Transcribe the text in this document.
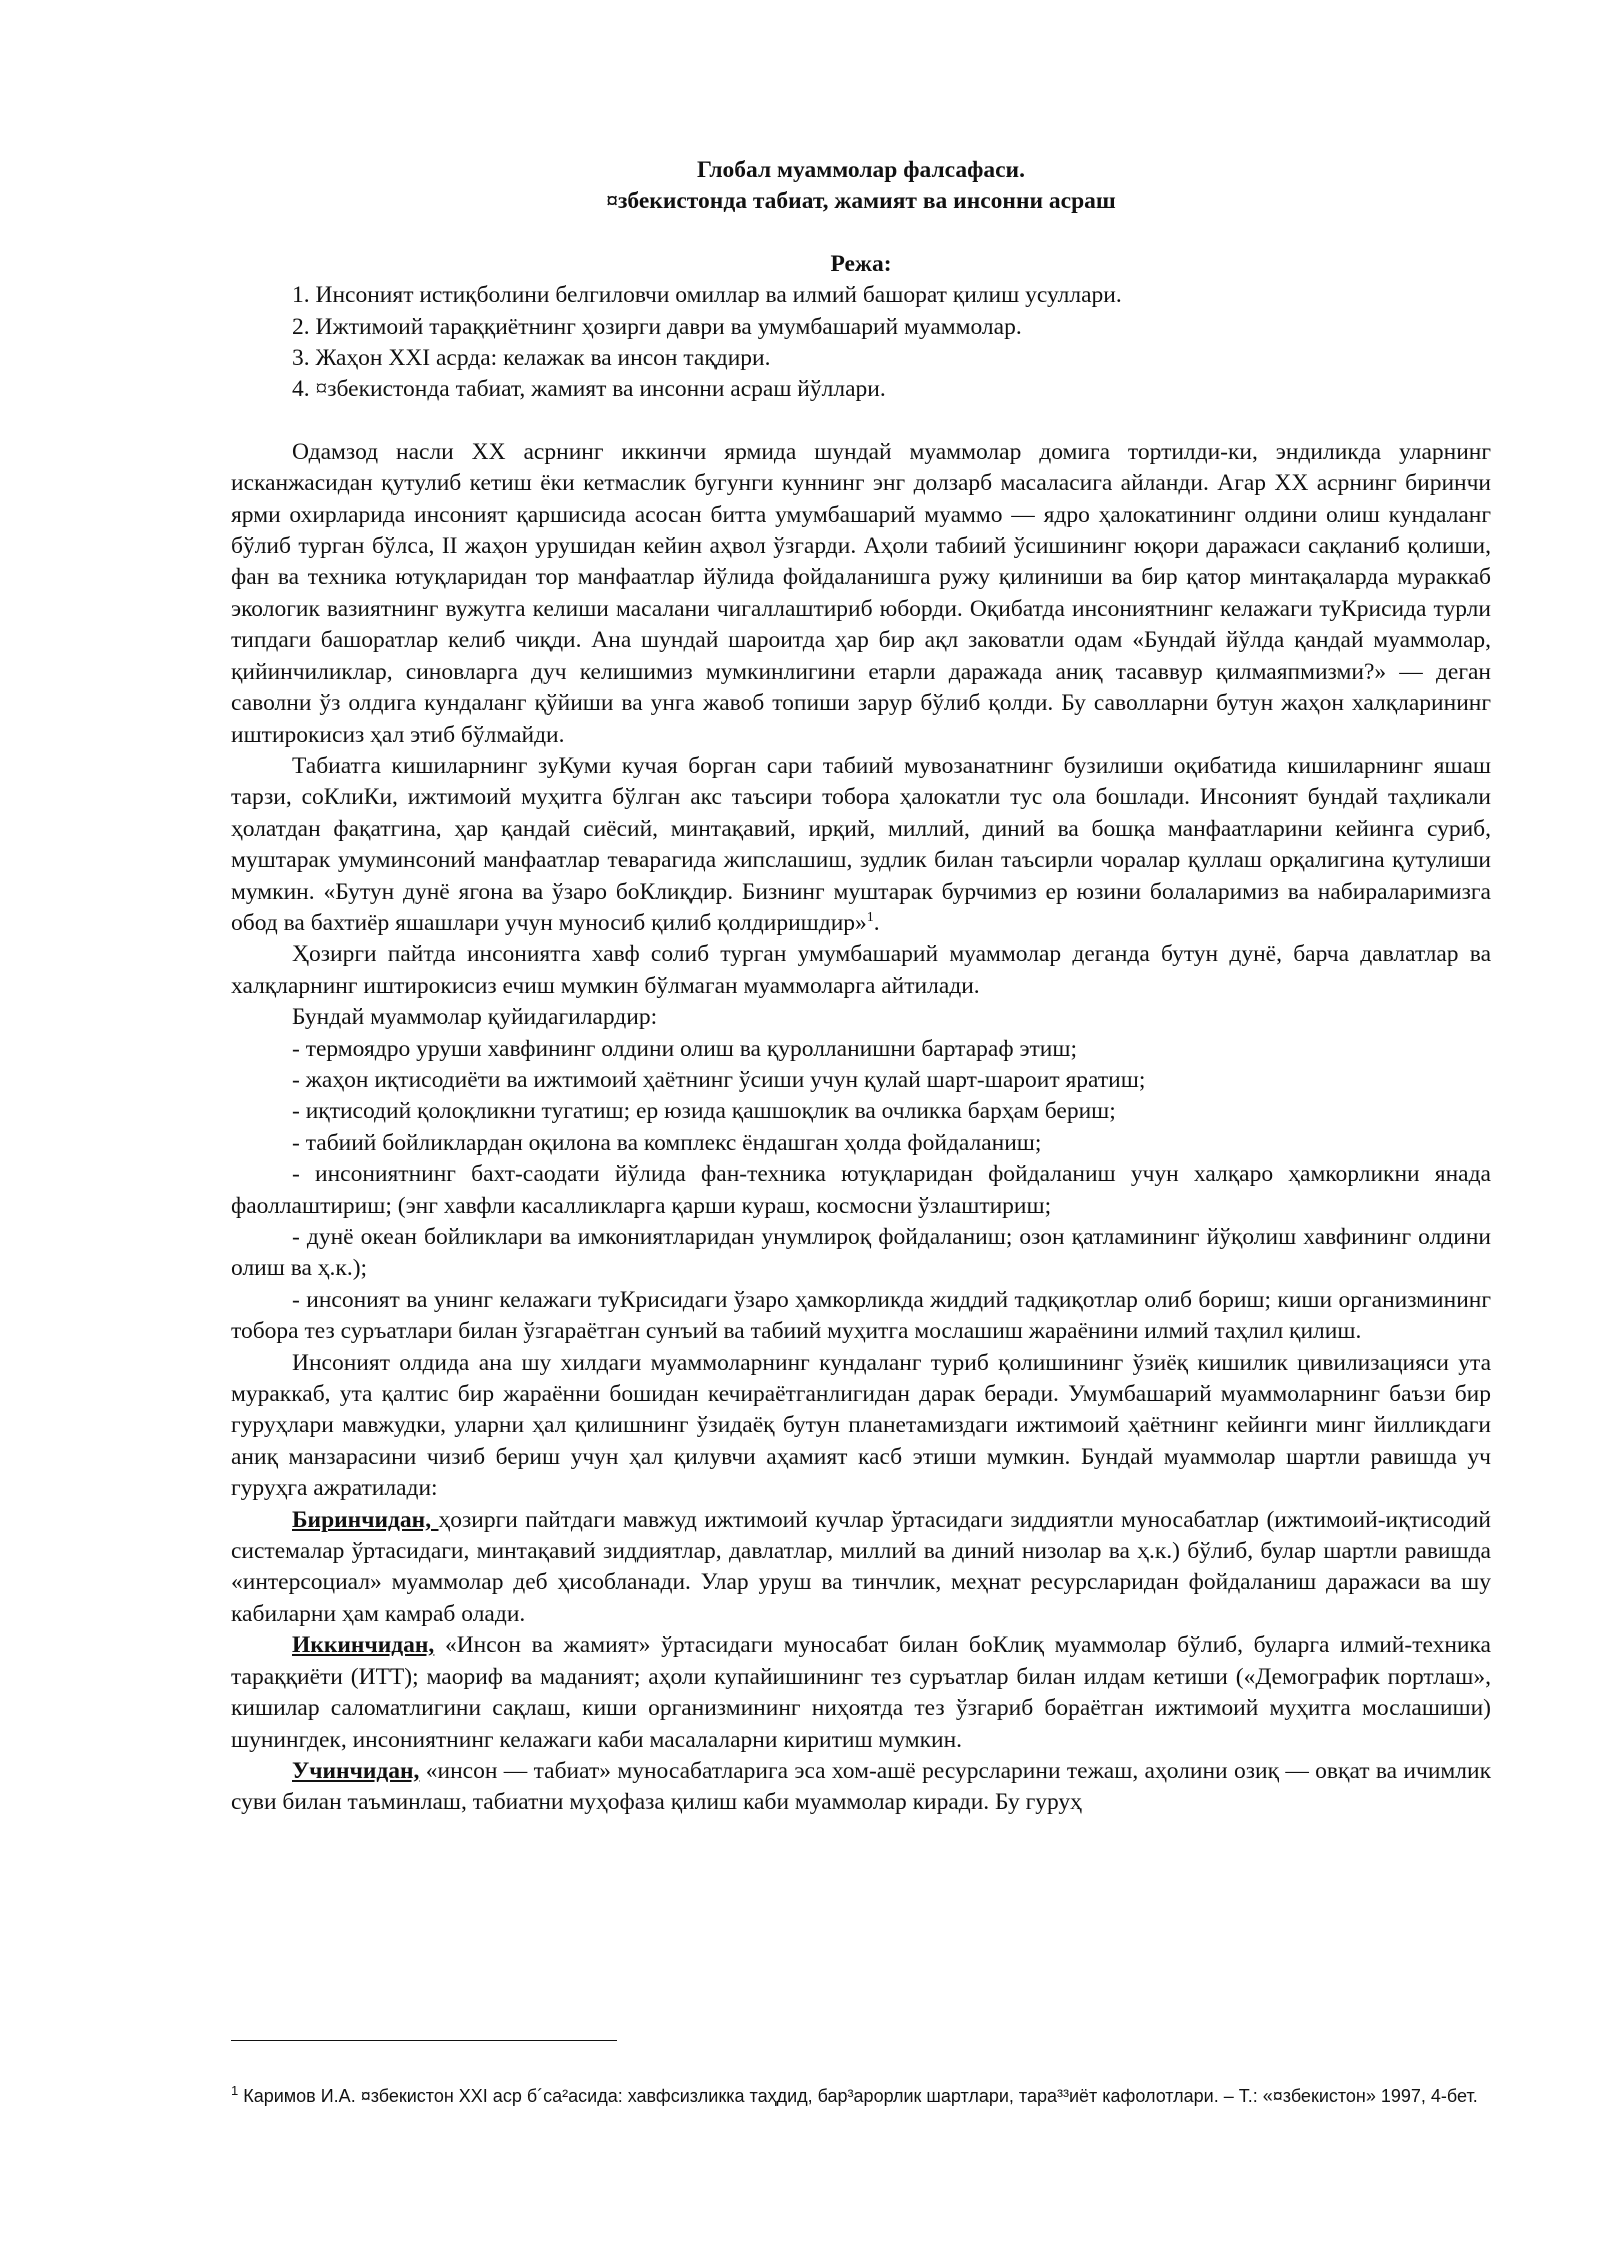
Глобал муаммолар фалсафаси.

¤збекистонда табиат, жамият ва инсонни асраш

Режа:

1. Инсоният истиқболини белгиловчи омиллар ва илмий башорат қилиш усуллари.
2. Ижтимоий тараққиётнинг ҳозирги даври ва умумбашарий муаммолар.
3. Жаҳон XXI асрда: келажак ва инсон тақдири.
4. ¤збекистонда табиат, жамият ва инсонни асраш йўллари.

Одамзод насли XX асрнинг иккинчи ярмида шундай муаммолар домига тортилди-ки, эндиликда уларнинг исканжасидан қутулиб кетиш ёки кетмаслик бугунги куннинг энг долзарб масаласига айланди. Агар XX асрнинг биринчи ярми охирларида инсоният қаршисида асосан битта умумбашарий муаммо — ядро ҳалокатининг олдини олиш кундаланг бўлиб турган бўлса, II жаҳон урушидан кейин аҳвол ўзгарди. Аҳоли табиий ўсишининг юқори даражаси сақланиб қолиши, фан ва техника ютуқларидан тор манфаатлар йўлида фойдаланишга ружу қилиниши ва бир қатор минтақаларда мураккаб экологик вазиятнинг вужутга келиши масалани чигаллаштириб юборди. Оқибатда инсониятнинг келажаги туКрисида турли типдаги башоратлар келиб чиқди. Ана шундай шароитда ҳар бир ақл заковатли одам «Бундай йўлда қандай муаммолар, қийинчиликлар, синовларга дуч келишимиз мумкинлигини етарли даражада аниқ тасаввур қилмаяпмизми?» — деган саволни ўз олдига кундаланг қўйиши ва унга жавоб топиши зарур бўлиб қолди. Бу саволларни бутун жаҳон халқларининг иштирокисиз ҳал этиб бўлмайди.

Табиатга кишиларнинг зуКуми кучая борган сари табиий мувозанатнинг бузилиши оқибатида кишиларнинг яшаш тарзи, соКлиКи, ижтимоий муҳитга бўлган акс таъсири тобора ҳалокатли тус ола бошлади. Инсоният бундай таҳликали ҳолатдан фақатгина, ҳар қандай сиёсий, минтақавий, ирқий, миллий, диний ва бошқа манфаатларини кейинга суриб, муштарак умуминсоний манфаатлар теварагида жипслашиш, зудлик билан таъсирли чоралар қуллаш орқалигина қутулиши мумкин. «Бутун дунё ягона ва ўзаро боКлиқдир. Бизнинг муштарак бурчимиз ер юзини болаларимиз ва набираларимизга обод ва бахтиёр яшашлари учун муносиб қилиб қолдиришдир»$^1$.

Ҳозирги пайтда инсониятга хавф солиб турган умумбашарий муаммолар деганда бутун дунё, барча давлатлар ва халқларнинг иштирокисиз ечиш мумкин бўлмаган муаммоларга айтилади.

Бундай муаммолар қуйидагилардир:

- термоядро уруши хавфининг олдини олиш ва қуролланишни бартараф этиш;

- жаҳон иқтисодиёти ва ижтимоий ҳаётнинг ўсиши учун қулай шарт-шароит яратиш;

- иқтисодий қолоқликни тугатиш; ер юзида қашшоқлик ва очликка барҳам бериш;

- табиий бойликлардан оқилона ва комплекс ёндашган ҳолда фойдаланиш;

- инсониятнинг бахт-саодати йўлида фан-техника ютуқларидан фойдаланиш учун халқаро ҳамкорликни янада фаоллаштириш; (энг хавфли касалликларга қарши кураш, космосни ўзлаштириш;

- дунё океан бойликлари ва имкониятларидан унумлироқ фойдаланиш; озон қатламининг йўқолиш хавфининг олдини олиш ва ҳ.к.);

- инсоният ва унинг келажаги туКрисидаги ўзаро ҳамкорликда жиддий тадқиқотлар олиб бориш; киши организмининг тобора тез суръатлари билан ўзгараётган сунъий ва табиий муҳитга мослашиш жараёнини илмий таҳлил қилиш.

Инсоният олдида ана шу хилдаги муаммоларнинг кундаланг туриб қолишининг ўзиёқ кишилик цивилизацияси ута мураккаб, ута қалтис бир жараённи бошидан кечираётганлигидан дарак беради. Умумбашарий муаммоларнинг баъзи бир гуруҳлари мавжудки, уларни ҳал қилишнинг ўзидаёқ бутун планетамиздаги ижтимоий ҳаётнинг кейинги минг йилликдаги аниқ манзарасини чизиб бериш учун ҳал қилувчи аҳамият касб этиши мумкин. Бундай муаммолар шартли равишда уч гуруҳга ажратилади:

Биринчидан, ҳозирги пайтдаги мавжуд ижтимоий кучлар ўртасидаги зиддиятли муносабатлар (ижтимоий-иқтисодий системалар ўртасидаги, минтақавий зиддиятлар, давлатлар, миллий ва диний низолар ва ҳ.к.) бўлиб, булар шартли равишда «интерсоциал» муаммолар деб ҳисобланади. Улар уруш ва тинчлик, меҳнат ресурсларидан фойдаланиш даражаси ва шу кабиларни ҳам камраб олади.

Иккинчидан, «Инсон ва жамият» ўртасидаги муносабат билан боКлиқ муаммолар бўлиб, буларга илмий-техника тараққиёти (ИТТ); маориф ва маданият; аҳоли купайишининг тез суръатлар билан илдам кетиши («Демографик портлаш», кишилар саломатлигини сақлаш, киши организмининг ниҳоятда тез ўзгариб бораётган ижтимоий муҳитга мослашиши) шунингдек, инсониятнинг келажаги каби масалаларни киритиш мумкин.

Учинчидан, «инсон — табиат» муносабатларига эса хом-ашё ресурсларини тежаш, аҳолини озиқ — овқат ва ичимлик суви билан таъминлаш, табиатни муҳофаза қилиш каби муаммолар киради. Бу гуруҳ

$^1$ Каримов И.А. ¤збекистон XXI аср б´са²асида: хавфсизликка таҳдид, бар³арорлик шартлари, тара³³иёт кафолотлари. – Т.: «¤збекистон» 1997, 4-бет.
